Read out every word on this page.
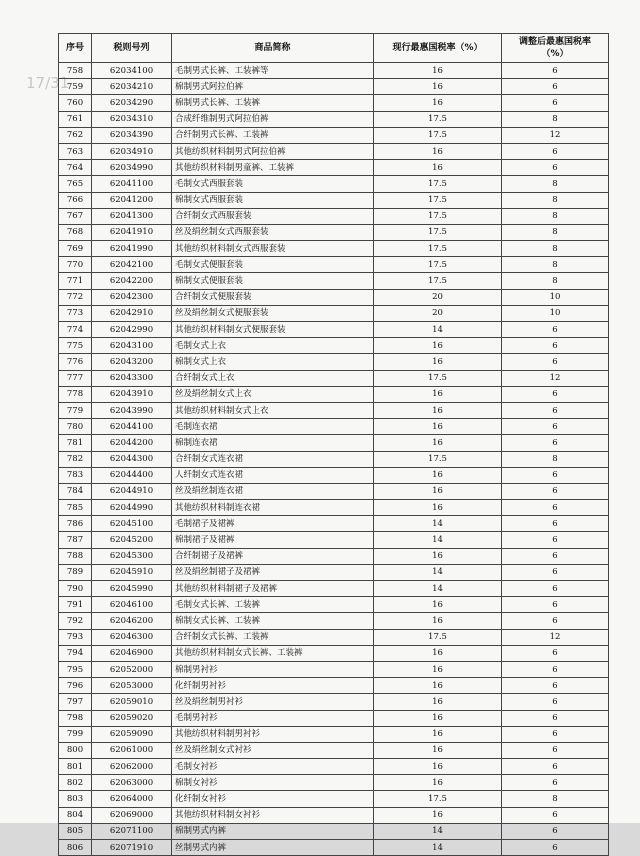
17/31
序号	税则号列	商品简称	现行最惠国税率（%）	调整后最惠国税率
（%）
758	62034100	毛制男式长裤、工装裤等	16	6
759	62034210	棉制男式阿拉伯裤	16	6
760	62034290	棉制男式长裤、工装裤	16	6
761	62034310	合成纤维制男式阿拉伯裤	17.5	8
762	62034390	合纤制男式长裤、工装裤	17.5	12
763	62034910	其他纺织材料制男式阿拉伯裤	16	6
764	62034990	其他纺织材料制男童裤、工装裤	16	6
765	62041100	毛制女式西服套装	17.5	8
766	62041200	棉制女式西服套装	17.5	8
767	62041300	合纤制女式西服套装	17.5	8
768	62041910	丝及绢丝制女式西服套装	17.5	8
769	62041990	其他纺织材料制女式西服套装	17.5	8
770	62042100	毛制女式便服套装	17.5	8
771	62042200	棉制女式便服套装	17.5	8
772	62042300	合纤制女式便服套装	20	10
773	62042910	丝及绢丝制女式便服套装	20	10
774	62042990	其他纺织材料制女式便服套装	14	6
775	62043100	毛制女式上衣	16	6
776	62043200	棉制女式上衣	16	6
777	62043300	合纤制女式上衣	17.5	12
778	62043910	丝及绢丝制女式上衣	16	6
779	62043990	其他纺织材料制女式上衣	16	6
780	62044100	毛制连衣裙	16	6
781	62044200	棉制连衣裙	16	6
782	62044300	合纤制女式连衣裙	17.5	8
783	62044400	人纤制女式连衣裙	16	6
784	62044910	丝及绢丝制连衣裙	16	6
785	62044990	其他纺织材料制连衣裙	16	6
786	62045100	毛制裙子及裙裤	14	6
787	62045200	棉制裙子及裙裤	14	6
788	62045300	合纤制裙子及裙裤	16	6
789	62045910	丝及绢丝制裙子及裙裤	14	6
790	62045990	其他纺织材料制裙子及裙裤	14	6
791	62046100	毛制女式长裤、工装裤	16	6
792	62046200	棉制女式长裤、工装裤	16	6
793	62046300	合纤制女式长裤、工装裤	17.5	12
794	62046900	其他纺织材料制女式长裤、工装裤	16	6
795	62052000	棉制男衬衫	16	6
796	62053000	化纤制男衬衫	16	6
797	62059010	丝及绢丝制男衬衫	16	6
798	62059020	毛制男衬衫	16	6
799	62059090	其他纺织材料制男衬衫	16	6
800	62061000	丝及绢丝制女式衬衫	16	6
801	62062000	毛制女衬衫	16	6
802	62063000	棉制女衬衫	16	6
803	62064000	化纤制女衬衫	17.5	8
804	62069000	其他纺织材料制女衬衫	16	6
805	62071100	棉制男式内裤	14	6
806	62071910	丝制男式内裤	14	6
